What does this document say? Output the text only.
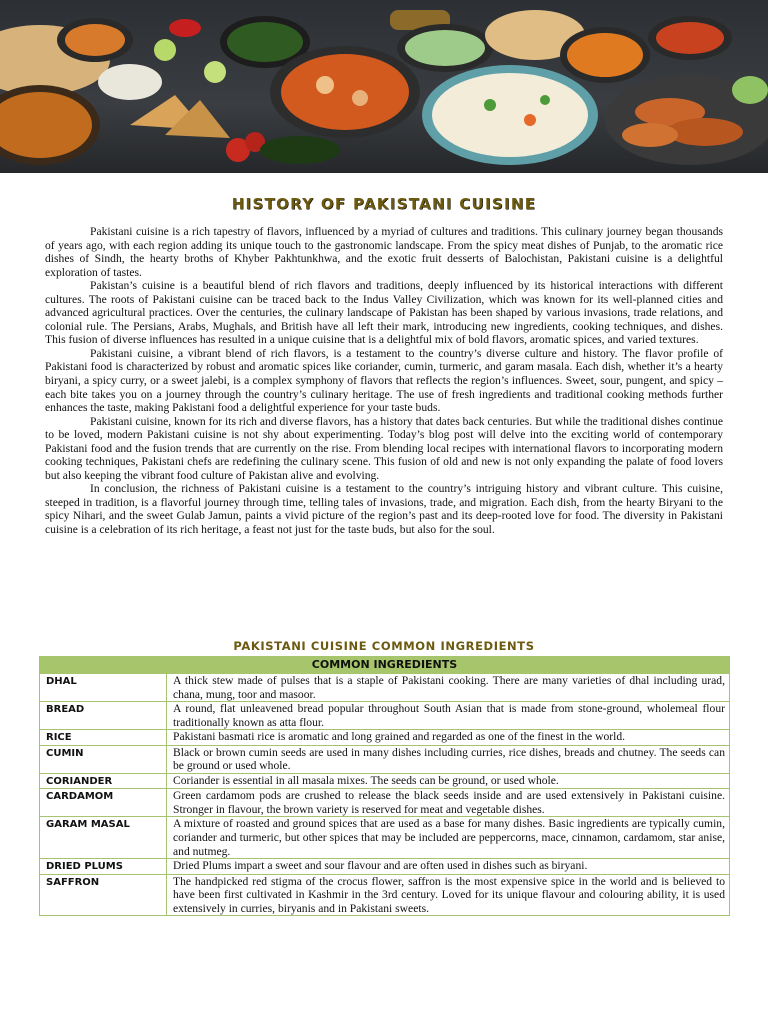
HISTORY OF PAKISTANI CUISINE

Pakistani cuisine is a rich tapestry of flavors, influenced by a myriad of cultures and traditions. This culinary journey began thousands of years ago, with each region adding its unique touch to the gastronomic landscape. From the spicy meat dishes of Punjab, to the aromatic rice dishes of Sindh, the hearty broths of Khyber Pakhtunkhwa, and the exotic fruit desserts of Balochistan, Pakistani cuisine is a delightful exploration of tastes.

Pakistan’s cuisine is a beautiful blend of rich flavors and traditions, deeply influenced by its historical interactions with different cultures. The roots of Pakistani cuisine can be traced back to the Indus Valley Civilization, which was known for its well-planned cities and advanced agricultural practices. Over the centuries, the culinary landscape of Pakistan has been shaped by various invasions, trade relations, and colonial rule. The Persians, Arabs, Mughals, and British have all left their mark, introducing new ingredients, cooking techniques, and dishes. This fusion of diverse influences has resulted in a unique cuisine that is a delightful mix of bold flavors, aromatic spices, and varied textures.

Pakistani cuisine, a vibrant blend of rich flavors, is a testament to the country’s diverse culture and history. The flavor profile of Pakistani food is characterized by robust and aromatic spices like coriander, cumin, turmeric, and garam masala. Each dish, whether it’s a hearty biryani, a spicy curry, or a sweet jalebi, is a complex symphony of flavors that reflects the region’s influences. Sweet, sour, pungent, and spicy – each bite takes you on a journey through the country’s culinary heritage. The use of fresh ingredients and traditional cooking methods further enhances the taste, making Pakistani food a delightful experience for your taste buds.

Pakistani cuisine, known for its rich and diverse flavors, has a history that dates back centuries. But while the traditional dishes continue to be loved, modern Pakistani cuisine is not shy about experimenting. Today’s blog post will delve into the exciting world of contemporary Pakistani food and the fusion trends that are currently on the rise. From blending local recipes with international flavors to incorporating modern cooking techniques, Pakistani chefs are redefining the culinary scene. This fusion of old and new is not only expanding the palate of food lovers but also keeping the vibrant food culture of Pakistan alive and evolving.

In conclusion, the richness of Pakistani cuisine is a testament to the country’s intriguing history and vibrant culture. This cuisine, steeped in tradition, is a flavorful journey through time, telling tales of invasions, trade, and migration. Each dish, from the hearty Biryani to the spicy Nihari, and the sweet Gulab Jamun, paints a vivid picture of the region’s past and its deep-rooted love for food. The diversity in Pakistani cuisine is a celebration of its rich heritage, a feast not just for the taste buds, but also for the soul.

PAKISTANI CUISINE COMMON INGREDIENTS
COMMON INGREDIENTS	
DHAL	A thick stew made of pulses that is a staple of Pakistani cooking. There are many varieties of dhal including urad, chana, mung, toor and masoor.
BREAD	A round, flat unleavened bread popular throughout South Asian that is made from stone-ground, wholemeal flour traditionally known as atta flour.
RICE	Pakistani basmati rice is aromatic and long grained and regarded as one of the finest in the world.
CUMIN	Black or brown cumin seeds are used in many dishes including curries, rice dishes, breads and chutney. The seeds can be ground or used whole.
CORIANDER	Coriander is essential in all masala mixes. The seeds can be ground, or used whole.
CARDAMOM	Green cardamom pods are crushed to release the black seeds inside and are used extensively in Pakistani cuisine. Stronger in flavour, the brown variety is reserved for meat and vegetable dishes.
GARAM MASAL	A mixture of roasted and ground spices that are used as a base for many dishes. Basic ingredients are typically cumin, coriander and turmeric, but other spices that may be included are peppercorns, mace, cinnamon, cardamom, star anise, and nutmeg.
DRIED PLUMS	Dried Plums impart a sweet and sour flavour and are often used in dishes such as biryani.
SAFFRON	The handpicked red stigma of the crocus flower, saffron is the most expensive spice in the world and is believed to have been first cultivated in Kashmir in the 3rd century. Loved for its unique flavour and colouring ability, it is used extensively in curries, biryanis and in Pakistani sweets.
